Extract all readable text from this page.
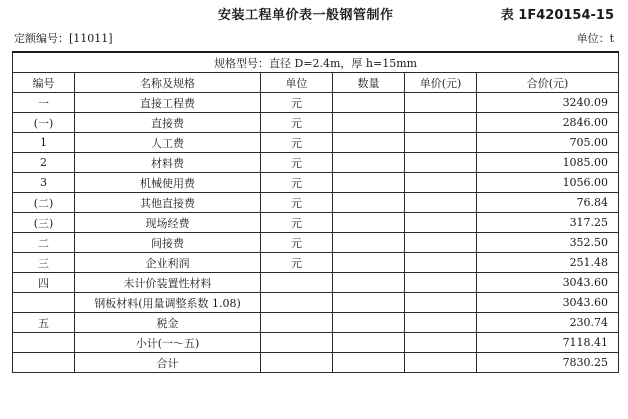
安装工程单价表一般钢管制作	表 1F420154-15
定额编号：[11011]	单位：t
规格型号：直径 D=2.4m，厚 h=15mm					
编号	名称及规格	单位	数量	单价(元)	合价(元)
一	直接工程费	元			3240.09
(一)	直接费	元			2846.00
1	人工费	元			705.00
2	材料费	元			1085.00
3	机械使用费	元			1056.00
(二)	其他直接费	元			76.84
(三)	现场经费	元			317.25
二	间接费	元			352.50
三	企业利润	元			251.48
四	未计价装置性材料				3043.60
	钢板材料(用量调整系数 1.08)				3043.60
五	税金				230.74
	小计(一～五)				7118.41
	合计				7830.25
